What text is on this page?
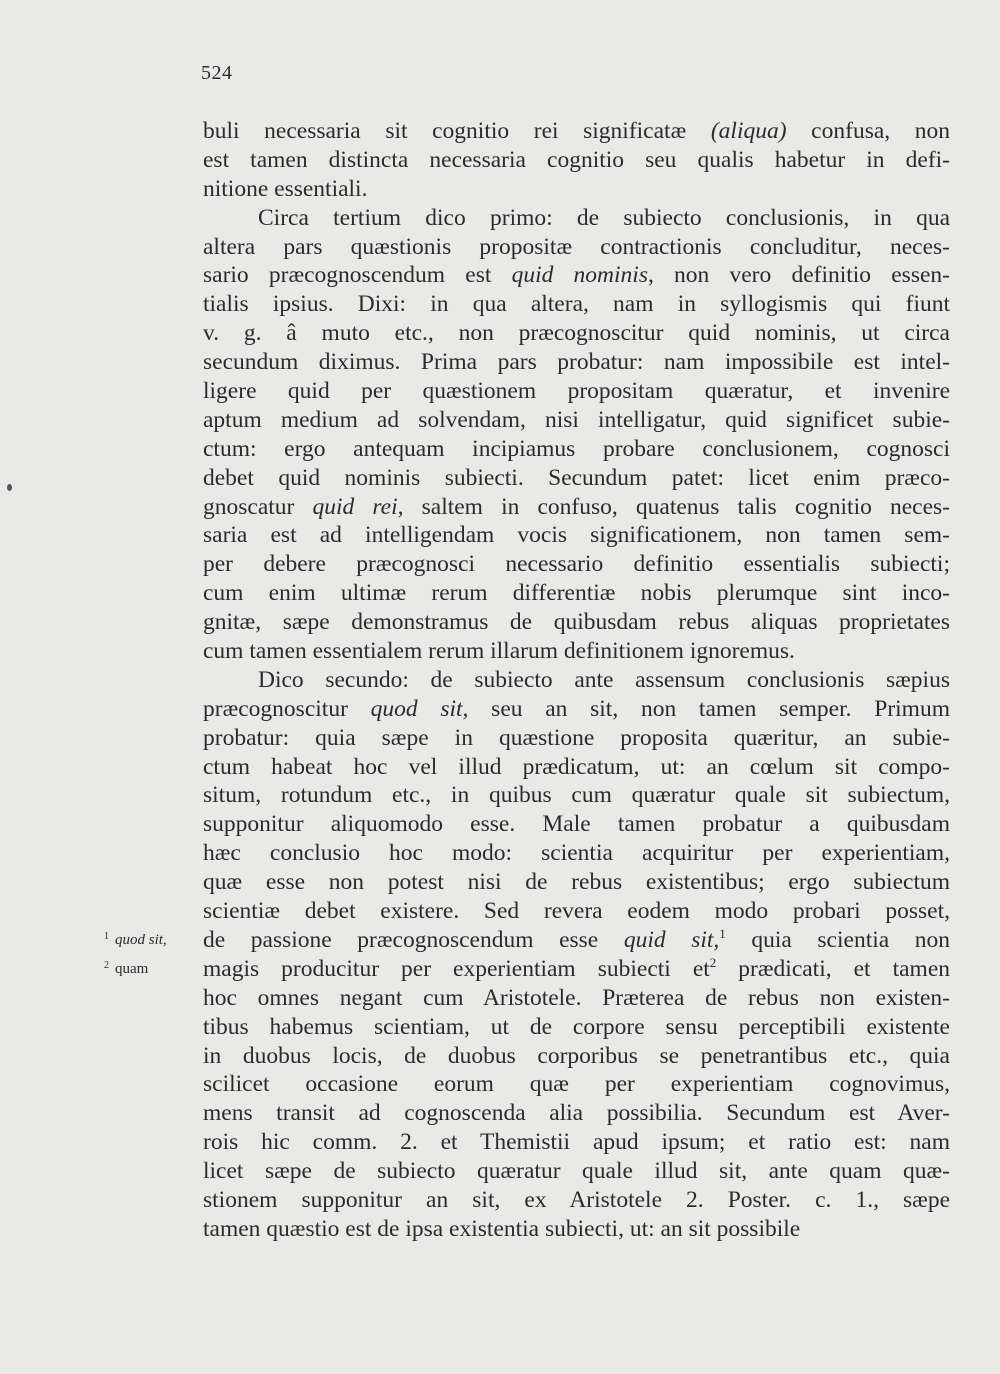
524
buli necessaria sit cognitio rei significatæ (aliqua) confusa, non
est tamen distincta necessaria cognitio seu qualis habetur in defi-
nitione essentiali.
Circa tertium dico primo: de subiecto conclusionis, in qua
altera pars quæstionis propositæ contractionis concluditur, neces-
sario præcognoscendum est quid nominis, non vero definitio essen-
tialis ipsius. Dixi: in qua altera, nam in syllogismis qui fiunt
v. g. â muto etc., non præcognoscitur quid nominis, ut circa
secundum diximus. Prima pars probatur: nam impossibile est intel-
ligere quid per quæstionem propositam quæratur, et invenire
aptum medium ad solvendam, nisi intelligatur, quid significet subie-
ctum: ergo antequam incipiamus probare conclusionem, cognosci
debet quid nominis subiecti. Secundum patet: licet enim præco-
gnoscatur quid rei, saltem in confuso, quatenus talis cognitio neces-
saria est ad intelligendam vocis significationem, non tamen sem-
per debere præcognosci necessario definitio essentialis subiecti;
cum enim ultimæ rerum differentiæ nobis plerumque sint inco-
gnitæ, sæpe demonstramus de quibusdam rebus aliquas proprietates
cum tamen essentialem rerum illarum definitionem ignoremus.
Dico secundo: de subiecto ante assensum conclusionis sæpius
præcognoscitur quod sit, seu an sit, non tamen semper. Primum
probatur: quia sæpe in quæstione proposita quæritur, an subie-
ctum habeat hoc vel illud prædicatum, ut: an cœlum sit compo-
situm, rotundum etc., in quibus cum quæratur quale sit subiectum,
supponitur aliquomodo esse. Male tamen probatur a quibusdam
hæc conclusio hoc modo: scientia acquiritur per experientiam,
quæ esse non potest nisi de rebus existentibus; ergo subiectum
scientiæ debet existere. Sed revera eodem modo probari posset,
de passione præcognoscendum esse quid sit,$^1$ quia scientia non
magis producitur per experientiam subiecti $et^2$ prædicati, et tamen
hoc omnes negant cum Aristotele. Præterea de rebus non existen-
tibus habemus scientiam, ut de corpore sensu perceptibili existente
in duobus locis, de duobus corporibus se penetrantibus etc., quia
scilicet occasione eorum quæ per experientiam cognovimus,
mens transit ad cognoscenda alia possibilia. Secundum est Aver-
rois hic comm. 2. et Themistii apud ipsum; et ratio est: nam
licet sæpe de subiecto quæratur quale illud sit, ante quam quæ-
stionem supponitur an sit, ex Aristotele 2. Poster. c. 1., sæpe
tamen quæstio est de ipsa existentia subiecti, ut: an sit possibile
$^1$ quod sit,
$^2$ quam
